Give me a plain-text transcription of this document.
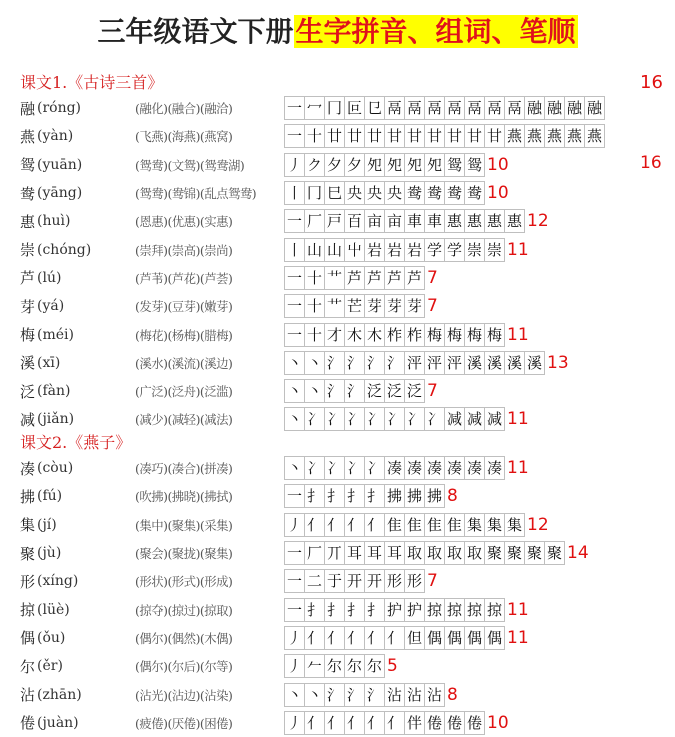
三年级语文下册生字拼音、组词、笔顺
课文1.《古诗三首》	16
融 (róng)	(融化)(融合)(融洽)	一 冖 冂 叵 㔾 鬲 鬲 鬲 鬲 鬲 鬲 鬲 融 融 融 融
燕 (yàn)	(飞燕)(海燕)(燕窝)	一 十 廿 廿 廿 甘 甘 甘 甘 甘 甘 燕 燕 燕 燕 燕
鸳 (yuān)	(鸳鸯)(文鸳)(鸳鸯湖)	丿 ク 夕 夕 夗 夗 夗 夗 鸳 鸳 10	16
鸯 (yāng)	(鸳鸯)(鸯锦)(乱点鸳鸯)	丨 冂 巳 央 央 央 鸯 鸯 鸯 鸯 10
惠 (huì)	(恩惠)(优惠)(实惠)	一 厂 戸 百 亩 亩 車 車 惠 惠 惠 惠 12
崇 (chóng)	(崇拜)(崇高)(崇尚)	丨 山 山 屮 岩 岩 岩 学 学 崇 崇 11
芦 (lú)	(芦苇)(芦花)(芦荟)	一 十 艹 芦 芦 芦 芦 7
芽 (yá)	(发芽)(豆芽)(嫩芽)	一 十 艹 芒 芽 芽 芽 7
梅 (méi)	(梅花)(杨梅)(腊梅)	一 十 才 木 木 柞 柞 梅 梅 梅 梅 11
溪 (xī)	(溪水)(溪流)(溪边)	丶 丶 氵 氵 氵 氵 泙 泙 泙 溪 溪 溪 溪 13
泛 (fàn)	(广泛)(泛舟)(泛滥)	丶 丶 氵 氵 泛 泛 泛 7
减 (jiǎn)	(减少)(减轻)(减法)	丶 冫 冫 冫 冫 冫 冫 冫 减 减 减 11
课文2.《燕子》
凑 (còu)	(凑巧)(凑合)(拼凑)	丶 冫 冫 冫 冫 凑 凑 凑 凑 凑 凑 11
拂 (fú)	(吹拂)(拂晓)(拂拭)	一 扌 扌 扌 扌 拂 拂 拂 8
集 (jí)	(集中)(聚集)(采集)	丿 亻 亻 亻 亻 隹 隹 隹 隹 集 集 集 12
聚 (jù)	(聚会)(聚拢)(聚集)	一 厂 丌 耳 耳 耳 取 取 取 取 聚 聚 聚 聚 14
形 (xíng)	(形状)(形式)(形成)	一 二 于 开 开 形 形 7
掠 (lüè)	(掠夺)(掠过)(掠取)	一 扌 扌 扌 扌 护 护 掠 掠 掠 掠 11
偶 (ǒu)	(偶尔)(偶然)(木偶)	丿 亻 亻 亻 亻 亻 但 偶 偶 偶 偶 11
尔 (ěr)	(偶尔)(尔后)(尔等)	丿 𠂉 尔 尔 尔 5
沾 (zhān)	(沾光)(沾边)(沾染)	丶 丶 氵 氵 氵 沾 沾 沾 8
倦 (juàn)	(疲倦)(厌倦)(困倦)	丿 亻 亻 亻 亻 亻 伴 倦 倦 倦 10
